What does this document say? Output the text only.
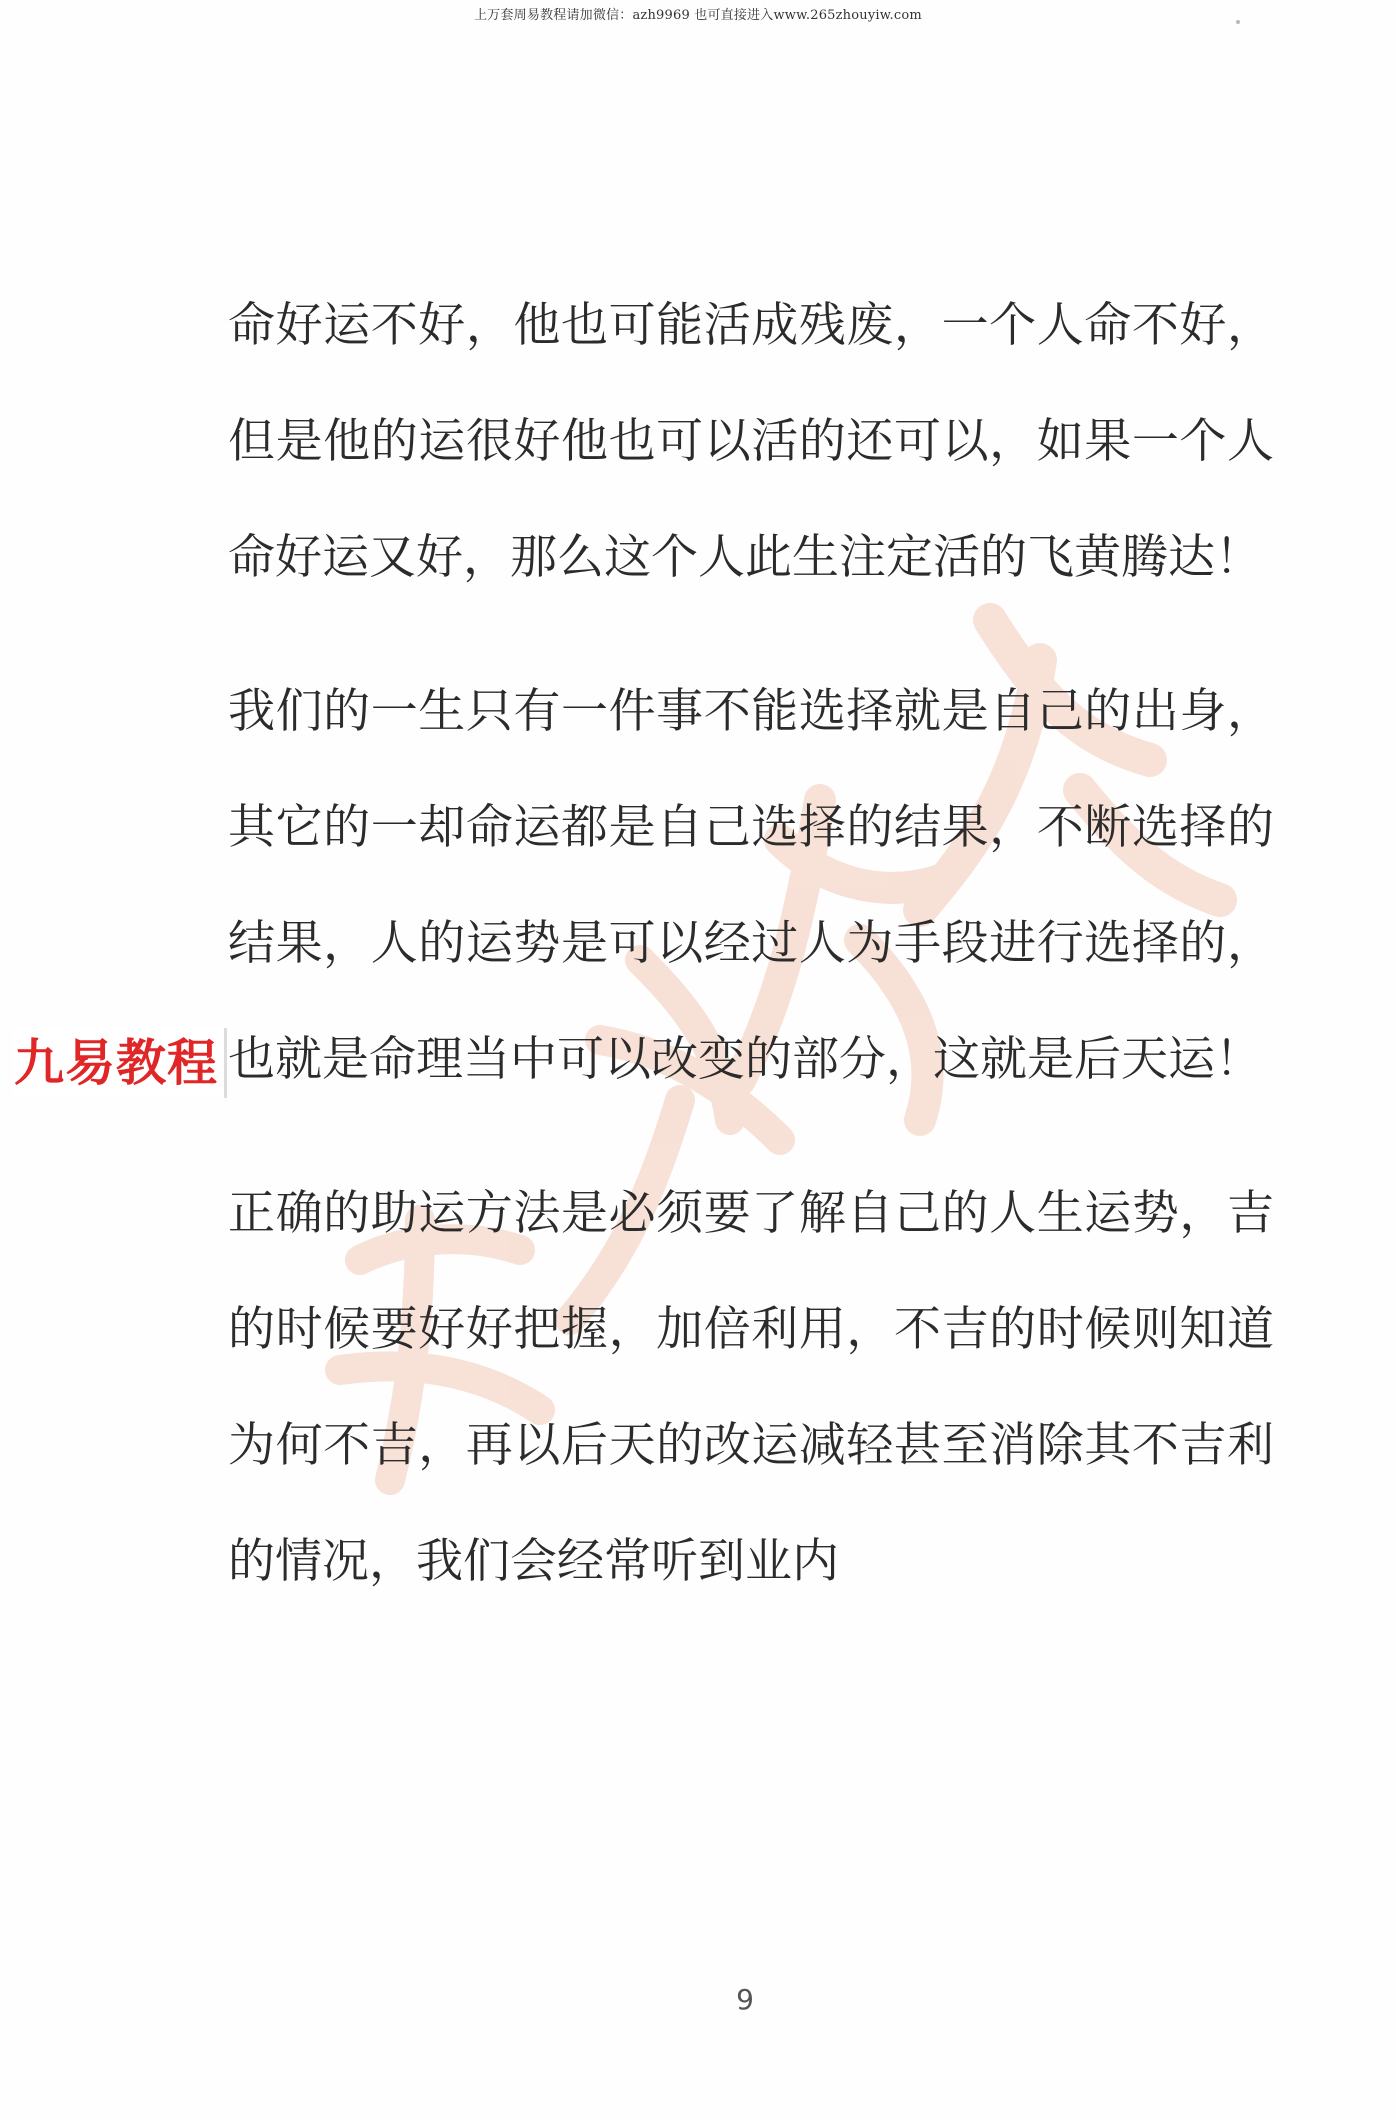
上万套周易教程请加微信：azh9969 也可直接进入www.265zhouyiw.com

命好运不好，他也可能活成残废，一个人命不好，但是他的运很好他也可以活的还可以，如果一个人命好运又好，那么这个人此生注定活的飞黄腾达！

我们的一生只有一件事不能选择就是自己的出身，其它的一却命运都是自己选择的结果，不断选择的结果，人的运势是可以经过人为手段进行选择的，也就是命理当中可以改变的部分，这就是后天运！

正确的助运方法是必须要了解自己的人生运势，吉的时候要好好把握，加倍利用，不吉的时候则知道为何不吉，再以后天的改运减轻甚至消除其不吉利的情况，我们会经常听到业内

九易教程
9
